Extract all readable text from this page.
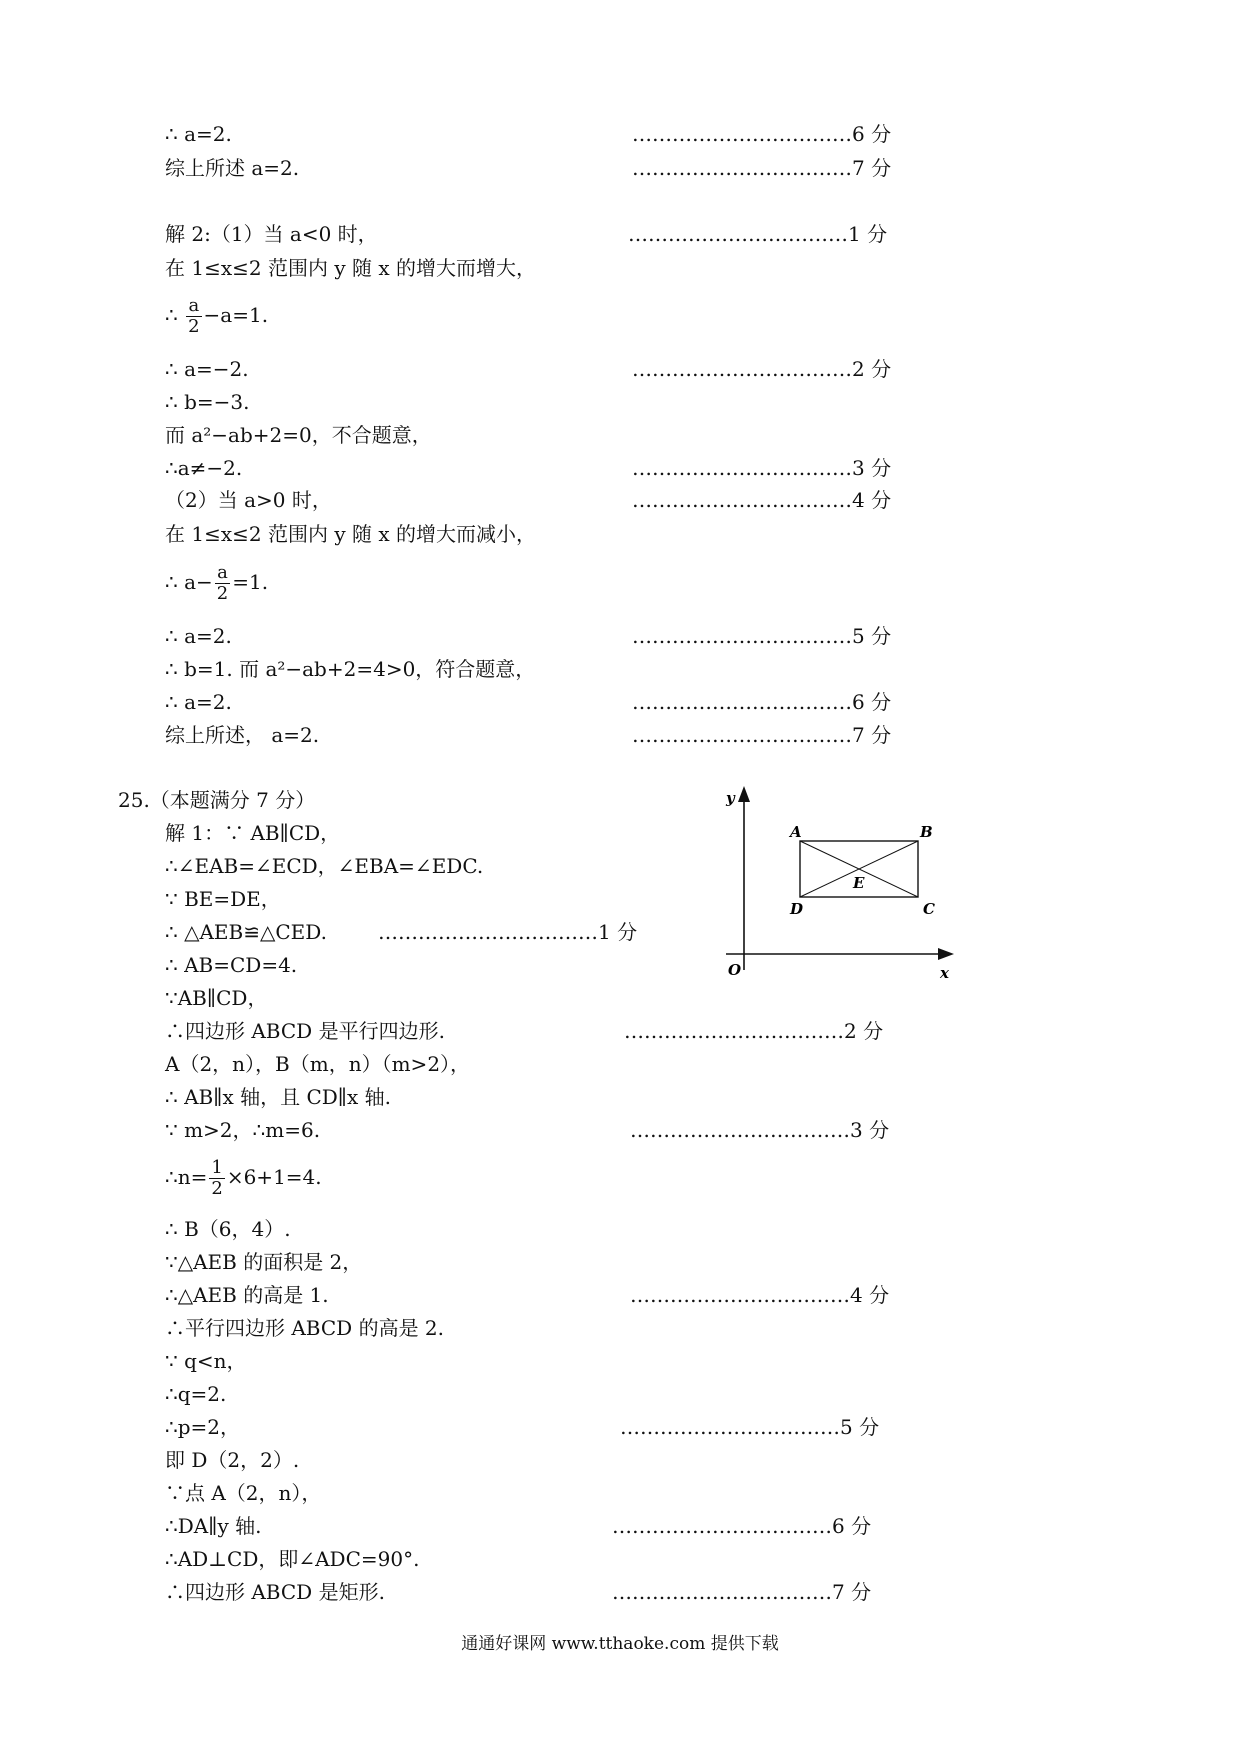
∴ a=2.
综上所述 a=2.
解 2:（1）当 a<0 时，
在 1≤x≤2 范围内 y 随 x 的增大而增大，
∴ a=−2.
∴ b=−3.
而 a²−ab+2=0，不合题意，
∴a≠−2.
（2）当 a>0 时，
在 1≤x≤2 范围内 y 随 x 的增大而减小，
∴ a=2.
∴ b=1. 而 a²−ab+2=4>0，符合题意，
∴ a=2.
综上所述， a=2.
25.（本题满分 7 分）
解 1：∵ AB∥CD，
∴∠EAB=∠ECD，∠EBA=∠EDC.
∵ BE=DE，
∴ △AEB≌△CED.
∴ AB=CD=4.
∵AB∥CD，
∴四边形 ABCD 是平行四边形.
A（2，n），B（m，n）（m>2），
∴ AB∥x 轴，且 CD∥x 轴.
∵ m>2，∴m=6.
∴ B（6，4）.
∵△AEB 的面积是 2，
∴△AEB 的高是 1.
∴平行四边形 ABCD 的高是 2.
∵ q<n，
∴q=2.
∴p=2，
即 D（2，2）.
∵点 A（2，n），
∴DA∥y 轴.
∴AD⊥CD，即∠ADC=90°.
∴四边形 ABCD 是矩形.
……………………………6 分
……………………………7 分
……………………………1 分
……………………………2 分
……………………………3 分
……………………………4 分
……………………………5 分
……………………………6 分
……………………………7 分
……………………………1 分
……………………………2 分
……………………………3 分
……………………………4 分
……………………………5 分
……………………………6 分
……………………………7 分
∴ $\frac{a}{2} -a=1$.
∴ $a- \frac{a}{2} =1$.
∴n= $\frac{1}{2} \times 6+1=4$.
y
x
O
A	B
C
D
E
通通好课网 www.tthaoke.com 提供下载
